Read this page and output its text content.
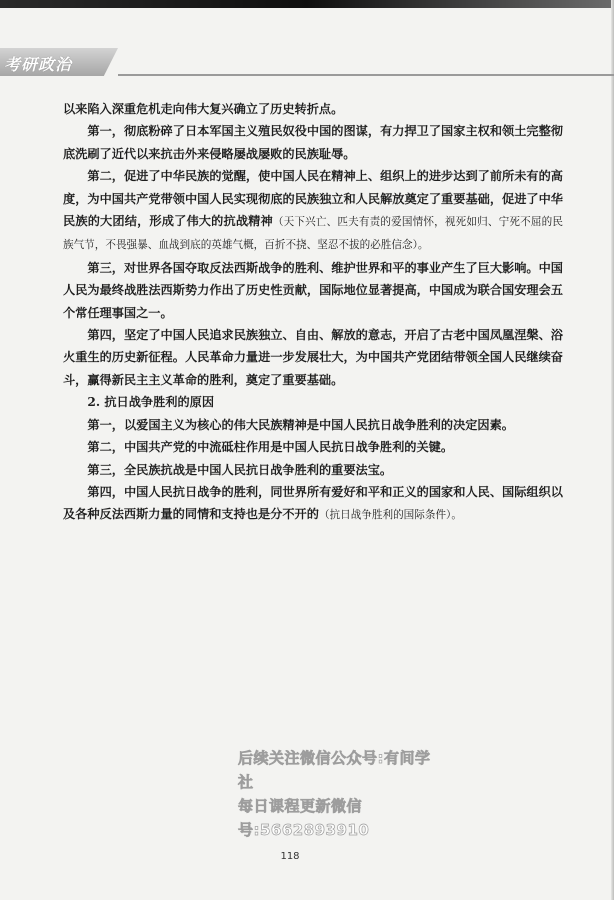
考研政治

以来陷入深重危机走向伟大复兴确立了历史转折点。

第一，彻底粉碎了日本军国主义殖民奴役中国的图谋，有力捍卫了国家主权和领土完整彻底洗刷了近代以来抗击外来侵略屡战屡败的民族耻辱。

第二，促进了中华民族的觉醒，使中国人民在精神上、组织上的进步达到了前所未有的高度，为中国共产党带领中国人民实现彻底的民族独立和人民解放奠定了重要基础，促进了中华民族的大团结，形成了伟大的抗战精神（天下兴亡、匹夫有责的爱国情怀，视死如归、宁死不屈的民族气节，不畏强暴、血战到底的英雄气概，百折不挠、坚忍不拔的必胜信念）。

第三，对世界各国夺取反法西斯战争的胜利、维护世界和平的事业产生了巨大影响。中国人民为最终战胜法西斯势力作出了历史性贡献，国际地位显著提高，中国成为联合国安理会五个常任理事国之一。

第四，坚定了中国人民追求民族独立、自由、解放的意志，开启了古老中国凤凰涅槃、浴火重生的历史新征程。人民革命力量进一步发展壮大，为中国共产党团结带领全国人民继续奋斗，赢得新民主主义革命的胜利，奠定了重要基础。

2. 抗日战争胜利的原因

第一，以爱国主义为核心的伟大民族精神是中国人民抗日战争胜利的决定因素。

第二，中国共产党的中流砥柱作用是中国人民抗日战争胜利的关键。

第三，全民族抗战是中国人民抗日战争胜利的重要法宝。

第四，中国人民抗日战争的胜利，同世界所有爱好和平和正义的国家和人民、国际组织以及各种反法西斯力量的同情和支持也是分不开的（抗日战争胜利的国际条件）。

后续关注微信公众号:有间学社
每日课程更新微信号:5662893910
118
